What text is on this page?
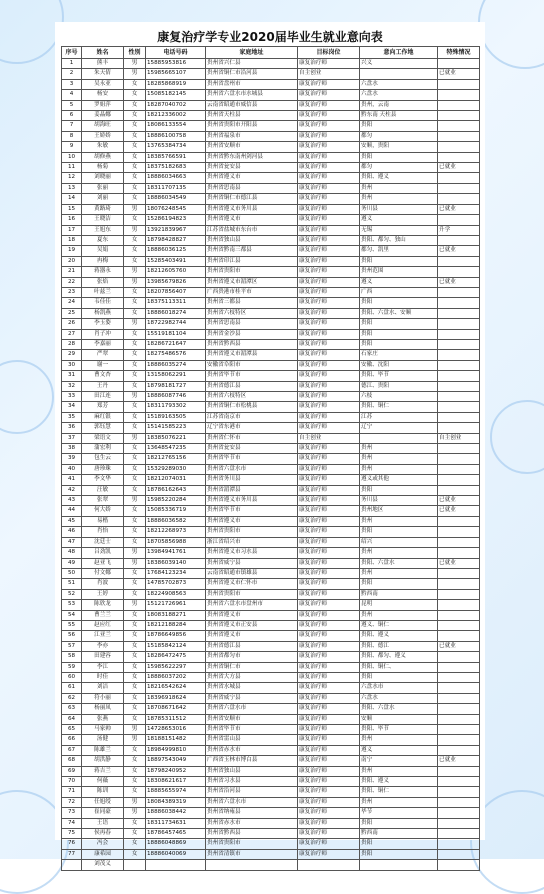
康复治疗学专业2020届毕业生就业意向表
序号	姓名	性别	电话号码	家庭地址	目标岗位	意向工作地	特殊情况
1	熊丰	男	15885953816	贵州省兴仁县	康复治疗师	兴义	
2	朱天倩	男	15985665107	贵州省铜仁市沿河县	自主创业		已就业
3	吴永亚	女	18285868919	贵州省盘州市	康复治疗师	六盘水	
4	杨安	女	15085182145	贵州省六盘水市水城县	康复治疗师	六盘水	
5	罗姐萍	女	18287040702	云南省昭通市威信县	康复治疗师	贵州，云南	
6	姜晶娜	女	18212336002	贵州省天柱县	康复治疗师	黔东南 天柱县	
7	胡海旺	女	18086133554	贵州省贵阳市开阳县	康复治疗师	贵阳	
8	王娇娇	女	18886100758	贵州省福泉市	康复治疗师	都匀	
9	朱敏	女	13765384734	贵州省安顺市	康复治疗师	安顺，贵阳	
10	胡修燕	女	18385766591	贵州省黔东南州剑河县	康复治疗师	贵阳	
11	杨菊	女	18375182683	贵州省瓮安县	康复治疗师	都匀	已就业
12	刘晓丽	女	18886034663	贵州省遵义市	康复治疗师	贵阳、遵义	
13	张丽	女	18311707135	贵州省思南县	康复治疗师	贵州	
14	刘丽	女	18886034549	贵州省铜仁市德江县	康复治疗师	贵州	
15	黄路琦	男	18076248545	贵州省遵义市务川县	康复治疗师	务川县	已就业
16	王晓洁	女	15286194823	贵州省遵义市	康复治疗师	遵义	
17	王旭东	男	13921839967	江苏省盐城市东台市	康复治疗师	无锡	升学
18	夏东	女	18798428827	贵州省独山县	康复治疗师	贵阳、都匀、独山	
19	吴娟	女	18886036125	贵州省黔南三都县	康复治疗师	都匀、凯里	已就业
20	冉梅	女	15285403491	贵州省印江县	康复治疗师	贵阳	
21	蒋器永	男	18212605760	贵州省贵阳市	康复治疗师	贵州范围	
22	张焰	男	13985679826	贵州省遵义市湄潭区	康复治疗师	遵义	已就业
23	叶兹兰	女	18207856407	广西贵港市桂平市	康复治疗师	广西	
24	韦佳佳	女	18375113311	贵州省三都县	康复治疗师	贵阳	
25	杨凯燕	女	18886018274	贵州省六枝特区	康复治疗师	贵阳、六盘水、安顺	
26	李玉姿	男	18722982744	贵州省思南县	康复治疗师	贵阳	
27	肖子冲	女	15519181104	贵州省金沙县	康复治疗师	贵阳	
28	李嘉丽	女	18286721647	贵州省黔西县	康复治疗师	贵阳	
29	严翠	女	18275486576	贵州省遵义市湄潭县	康复治疗师	石家庄	
30	谢一	女	18886035274	安徽省阜阳市	康复治疗师	安徽、沈阳	
31	曹文杏	女	13158062291	贵州省毕节市	康复治疗师	贵阳、毕节	
32	王丹	女	18798181727	贵州省德江县	康复治疗师	德江、贵阳	
33	田江连	男	18886087746	贵州省六枝特区	康复治疗师	六枝	
34	郑芳	女	18311793302	贵州省铜仁市松桃县	康复治疗师	贵阳、铜仁	
35	麻红银	女	15189163505	江苏省南京市	康复治疗师	江苏	
36	郭钰慧	女	15141585223	辽宁省东港市	康复治疗师	辽宁	
37	梁语文	男	18385076221	贵州省仁怀市	自主创业		自主创业
38	蒲宏利	女	13648547235	贵州省瓮安县	康复治疗师	贵州	
39	包生云	女	18212765156	贵州省毕节市	康复治疗师	贵州	
40	唐珍珠	女	15329289030	贵州省六盘水市	康复治疗师	贵州	
41	李文华	女	18212074031	贵州省务川县	康复治疗师	遵义或其他	
42	汪敏	女	18786162643	贵州省湄潭县	康复治疗师	贵阳	
43	张翠	男	15985220284	贵州省遵义市务川县	康复治疗师	务川县	已就业
44	何大娇	女	15085336719	贵州省毕节市	康复治疗师	贵州地区	已就业
45	易楷	女	18886036582	贵州省遵义市	康复治疗师	贵州	
46	肖怡	女	18212268973	贵州省贵阳市	康复治疗师	贵阳	
47	沈廷士	女	18705856988	浙江省绍兴市	康复治疗师	绍兴	
48	吕劲凯	男	13984941761	贵州省遵义市习水县	康复治疗师	贵州	
49	赵亚飞	男	18386039140	贵州省威宁县	康复治疗师	贵阳、六盘水	已就业
50	付文娜	女	17684123234	云南省昭通市镇雄县	康复治疗师	贵州	
51	肖波	女	14785702873	贵州省遵义市仁怀市	康复治疗师	贵阳	
52	王婷	女	18224908563	贵州省贵阳市	康复治疗师	黔西南	
53	陈欣龙	男	15121726961	贵州省六盘水市盘州市	康复治疗师	昆明	
54	曹兰兰	女	18083188271	贵州省遵义市	康复治疗师	贵州	
55	赵应红	女	18212188284	贵州省遵义市正安县	康复治疗师	遵义、铜仁	
56	江亚兰	女	18786649856	贵州省遵义市	康复治疗师	贵阳、遵义	
57	李亦	女	15185842124	贵州省德江县	康复治疗师	贵阳、德江	已就业
58	田建容	女	18286472475	贵州省都匀市	康复治疗师	贵阳、都匀、遵义	
59	李江	女	15985622297	贵州省铜仁市	康复治疗师	贵阳、铜仁、	
60	时佳	女	18886037202	贵州省大方县	康复治疗师	贵阳	
61	刘洁	女	18216542624	贵州省水城县	康复治疗师	六盘水市	
62	符小丽	女	18396918624	贵州省威宁县	康复治疗师	六盘水	
63	杨丽凤	女	18708671642	贵州省六盘水市	康复治疗师	贵阳、六盘水	
64	张燕	女	18785311512	贵州省安顺市	康复治疗师	安顺	
65	马家帅	男	14728653016	贵州省毕节市	康复治疗师	贵阳、毕节	
66	汤健	男	18188151482	贵州省雷山县	康复治疗师	贵州	
67	陈雄兰	女	18984999810	贵州省赤水市	康复治疗师	遵义	
68	胡洪静	女	18897543049	广西省玉林市博白县	康复治疗师	南宁	已就业
69	蒋吉兰	女	18798240952	贵州省独山县	康复治疗师	贵州	
70	何薇	女	18308621617	贵州省习水县	康复治疗师	贵阳、遵义	
71	陈训	女	18885655974	贵州省沿河县	康复治疗师	贵阳、铜仁	
72	任旭绶	男	18084389319	贵州省六盘水市	康复治疗师	贵州	
73	崔同豪	男	18886038442	贵州省纳雍县	康复治疗师	毕节	
74	王语	女	18311734631	贵州省赤水市	康复治疗师	贵阳	
75	侯再春	女	18786457465	贵州省黔西县	康复治疗师	黔西南	
76	冯会	女	18886048869	贵州省贵阳市	康复治疗师	贵阳	
77	康希园	女	18886040069	贵州省清镇市	康复治疗师	贵阳	
	刘茂义						
